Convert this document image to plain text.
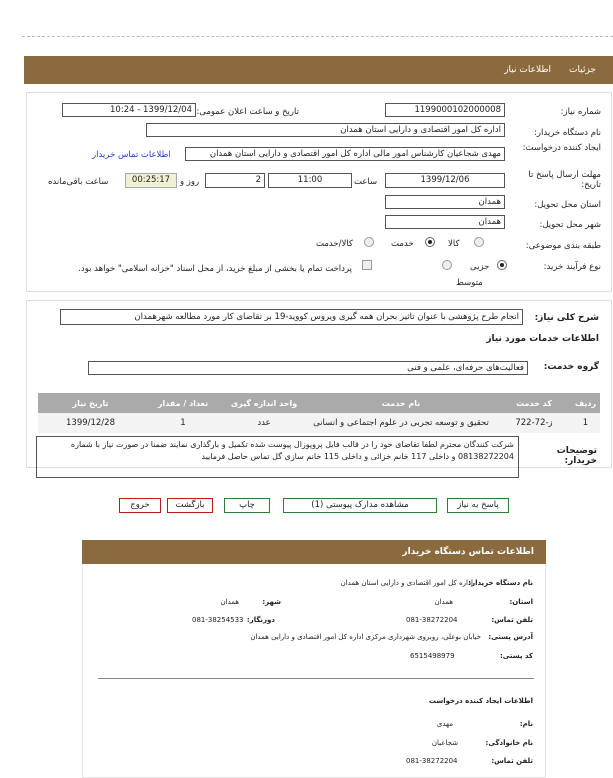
جزئیات
اطلاعات نیاز
شماره نیاز:
1199000102000008
تاریخ و ساعت اعلان عمومی:
1399/12/04 - 10:24
نام دستگاه خریدار:
اداره کل امور اقتصادی و دارایی استان همدان
ایجاد کننده درخواست:
مهدی شجاعیان کارشناس امور مالی اداره کل امور اقتصادی و دارایی استان همدان
اطلاعات تماس خریدار
مهلت ارسال پاسخ تا تاریخ:
1399/12/06
ساعت
11:00
2
روز و
00:25:17
ساعت باقی‌مانده
استان محل تحویل:
همدان
شهر محل تحویل:
همدان
طبقه بندی موضوعی:
کالا
خدمت
کالا/خدمت
نوع فرآیند خرید:
جزیی
متوسط
پرداخت تمام یا بخشی از مبلغ خرید، از محل اسناد "خزانه اسلامی" خواهد بود.
شرح کلی نیاز:
انجام طرح پژوهشی با عنوان تاثیر بحران همه گیری ویروس کووید-19 بر تقاضای کار مورد مطالعه شهرهمدان
اطلاعات خدمات مورد نیاز
گروه خدمت:
فعالیت‌های حرفه‌ای، علمی و فنی
ردیف	کد خدمت	نام خدمت	واحد اندازه گیری	تعداد / مقدار	تاریخ نیاز
1	ز-72-722	تحقیق و توسعه تجربی در علوم اجتماعی و انسانی	عدد	1	1399/12/28
توضیحات خریدار:
شرکت کنندگان محترم لطفا تقاضای خود را در قالب فایل پروپوزال پیوست شده تکمیل و بارگذاری نمایند ضمنا در صورت نیاز با شماره 08138272204 و داخلی 117 خانم خزائی و داخلی 115 خانم سازی گل تماس حاصل فرمایید
پاسخ به نیاز
مشاهده مدارک پیوستی (1)
چاپ
بازگشت
خروج
اطلاعات تماس دستگاه خریدار
نام دستگاه خریدار:
اداره کل امور اقتصادی و دارایی استان همدان
استان:
همدان
شهر:
همدان
تلفن تماس:
081-38272204
دورنگار:
081-38254533
آدرس پستی:
خیابان بوعلی، روبروی شهرداری مرکزی اداره کل امور اقتصادی و دارایی همدان
کد پستی:
6515498979
اطلاعات ایجاد کننده درخواست
نام:
مهدی
نام خانوادگی:
شجاعیان
تلفن تماس:
081-38272204
